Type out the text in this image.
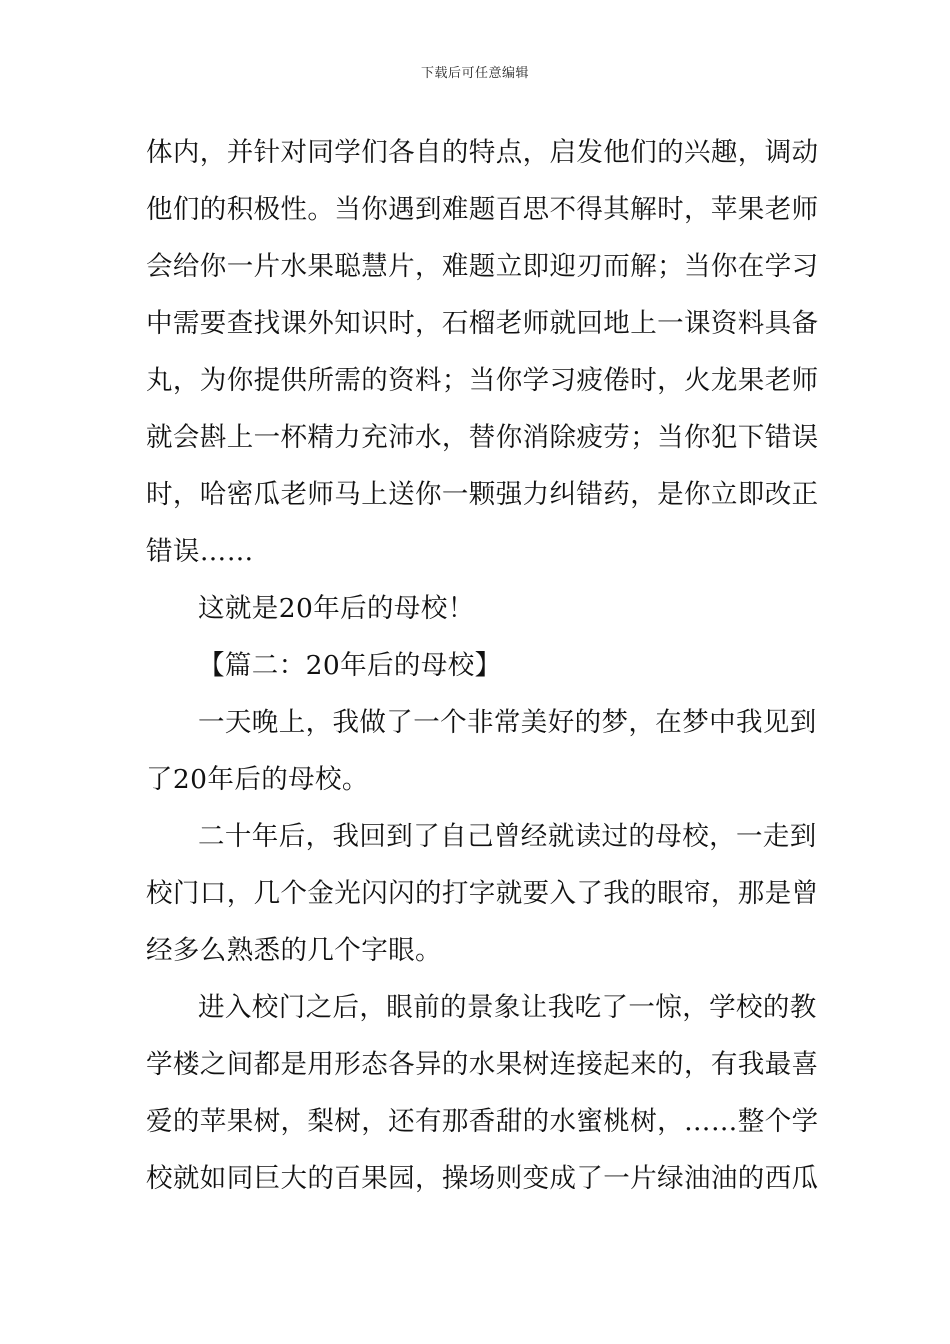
下载后可任意编辑
体内，并针对同学们各自的特点，启发他们的兴趣，调动
他们的积极性。当你遇到难题百思不得其解时，苹果老师
会给你一片水果聪慧片，难题立即迎刃而解；当你在学习
中需要查找课外知识时，石榴老师就回地上一课资料具备
丸，为你提供所需的资料；当你学习疲倦时，火龙果老师
就会斟上一杯精力充沛水，替你消除疲劳；当你犯下错误
时，哈密瓜老师马上送你一颗强力纠错药，是你立即改正
错误……
这就是20年后的母校！
【篇二：20年后的母校】
一天晚上，我做了一个非常美好的梦，在梦中我见到
了20年后的母校。
二十年后，我回到了自己曾经就读过的母校，一走到
校门口，几个金光闪闪的打字就要入了我的眼帘，那是曾
经多么熟悉的几个字眼。
进入校门之后，眼前的景象让我吃了一惊，学校的教
学楼之间都是用形态各异的水果树连接起来的，有我最喜
爱的苹果树，梨树，还有那香甜的水蜜桃树，……整个学
校就如同巨大的百果园，操场则变成了一片绿油油的西瓜
